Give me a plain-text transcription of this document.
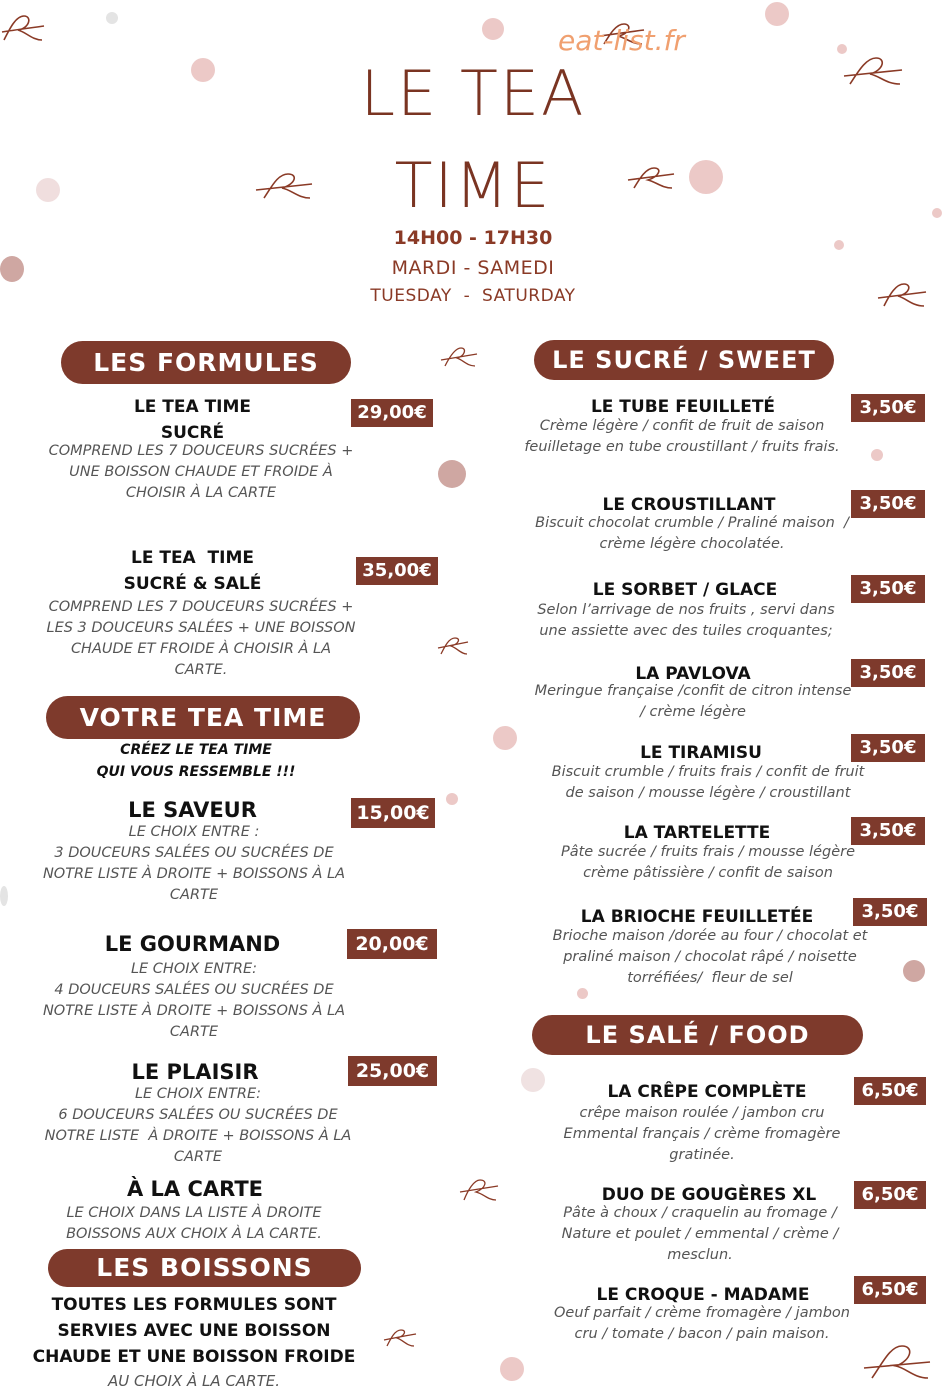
eat-list.fr
LE TEA
TIME
14H00 - 17H30
MARDI - SAMEDI
TUESDAY  -  SATURDAY
LES FORMULES
LE TEA TIME
SUCRÉ
29,00€
COMPREND LES 7 DOUCEURS SUCRÉES +
UNE BOISSON CHAUDE ET FROIDE À
CHOISIR À LA CARTE
LE TEA  TIME
SUCRÉ & SALÉ
35,00€
COMPREND LES 7 DOUCEURS SUCRÉES +
LES 3 DOUCEURS SALÉES + UNE BOISSON
CHAUDE ET FROIDE À CHOISIR À LA
CARTE.
VOTRE TEA TIME
CRÉEZ LE TEA TIME
QUI VOUS RESSEMBLE !!!
LE SAVEUR	15,00€
LE CHOIX ENTRE :
3 DOUCEURS SALÉES OU SUCRÉES DE
NOTRE LISTE À DROITE + BOISSONS À LA
CARTE
LE GOURMAND	20,00€
LE CHOIX ENTRE:
4 DOUCEURS SALÉES OU SUCRÉES DE
NOTRE LISTE À DROITE + BOISSONS À LA
CARTE
LE PLAISIR	25,00€
LE CHOIX ENTRE:
6 DOUCEURS SALÉES OU SUCRÉES DE
NOTRE LISTE  À DROITE + BOISSONS À LA
CARTE
À LA CARTE
LE CHOIX DANS LA LISTE À DROITE
BOISSONS AUX CHOIX À LA CARTE.
LES BOISSONS
TOUTES LES FORMULES SONT
SERVIES AVEC UNE BOISSON
CHAUDE ET UNE BOISSON FROIDE
AU CHOIX À LA CARTE.
LE SUCRÉ / SWEET
LE TUBE FEUILLETÉ	3,50€
Crème légère / confit de fruit de saison
feuilletage en tube croustillant / fruits frais.
LE CROUSTILLANT	3,50€
Biscuit chocolat crumble / Praliné maison  /
crème légère chocolatée.
LE SORBET / GLACE	3,50€
Selon l’arrivage de nos fruits , servi dans
une assiette avec des tuiles croquantes;
LA PAVLOVA	3,50€
Meringue française /confit de citron intense
/ crème légère
LE TIRAMISU	3,50€
Biscuit crumble / fruits frais / confit de fruit
de saison / mousse légère / croustillant
LA TARTELETTE	3,50€
Pâte sucrée / fruits frais / mousse légère
crème pâtissière / confit de saison
LA BRIOCHE FEUILLETÉE	3,50€
Brioche maison /dorée au four / chocolat et
praliné maison / chocolat râpé / noisette
torréfiées/  fleur de sel
LE SALÉ / FOOD
LA CRÊPE COMPLÈTE	6,50€
crêpe maison roulée / jambon cru
Emmental français / crème fromagère
gratinée.
DUO DE GOUGÈRES XL	6,50€
Pâte à choux / craquelin au fromage /
Nature et poulet / emmental / crème /
mesclun.
LE CROQUE - MADAME	6,50€
Oeuf parfait / crème fromagère / jambon
cru / tomate / bacon / pain maison.
